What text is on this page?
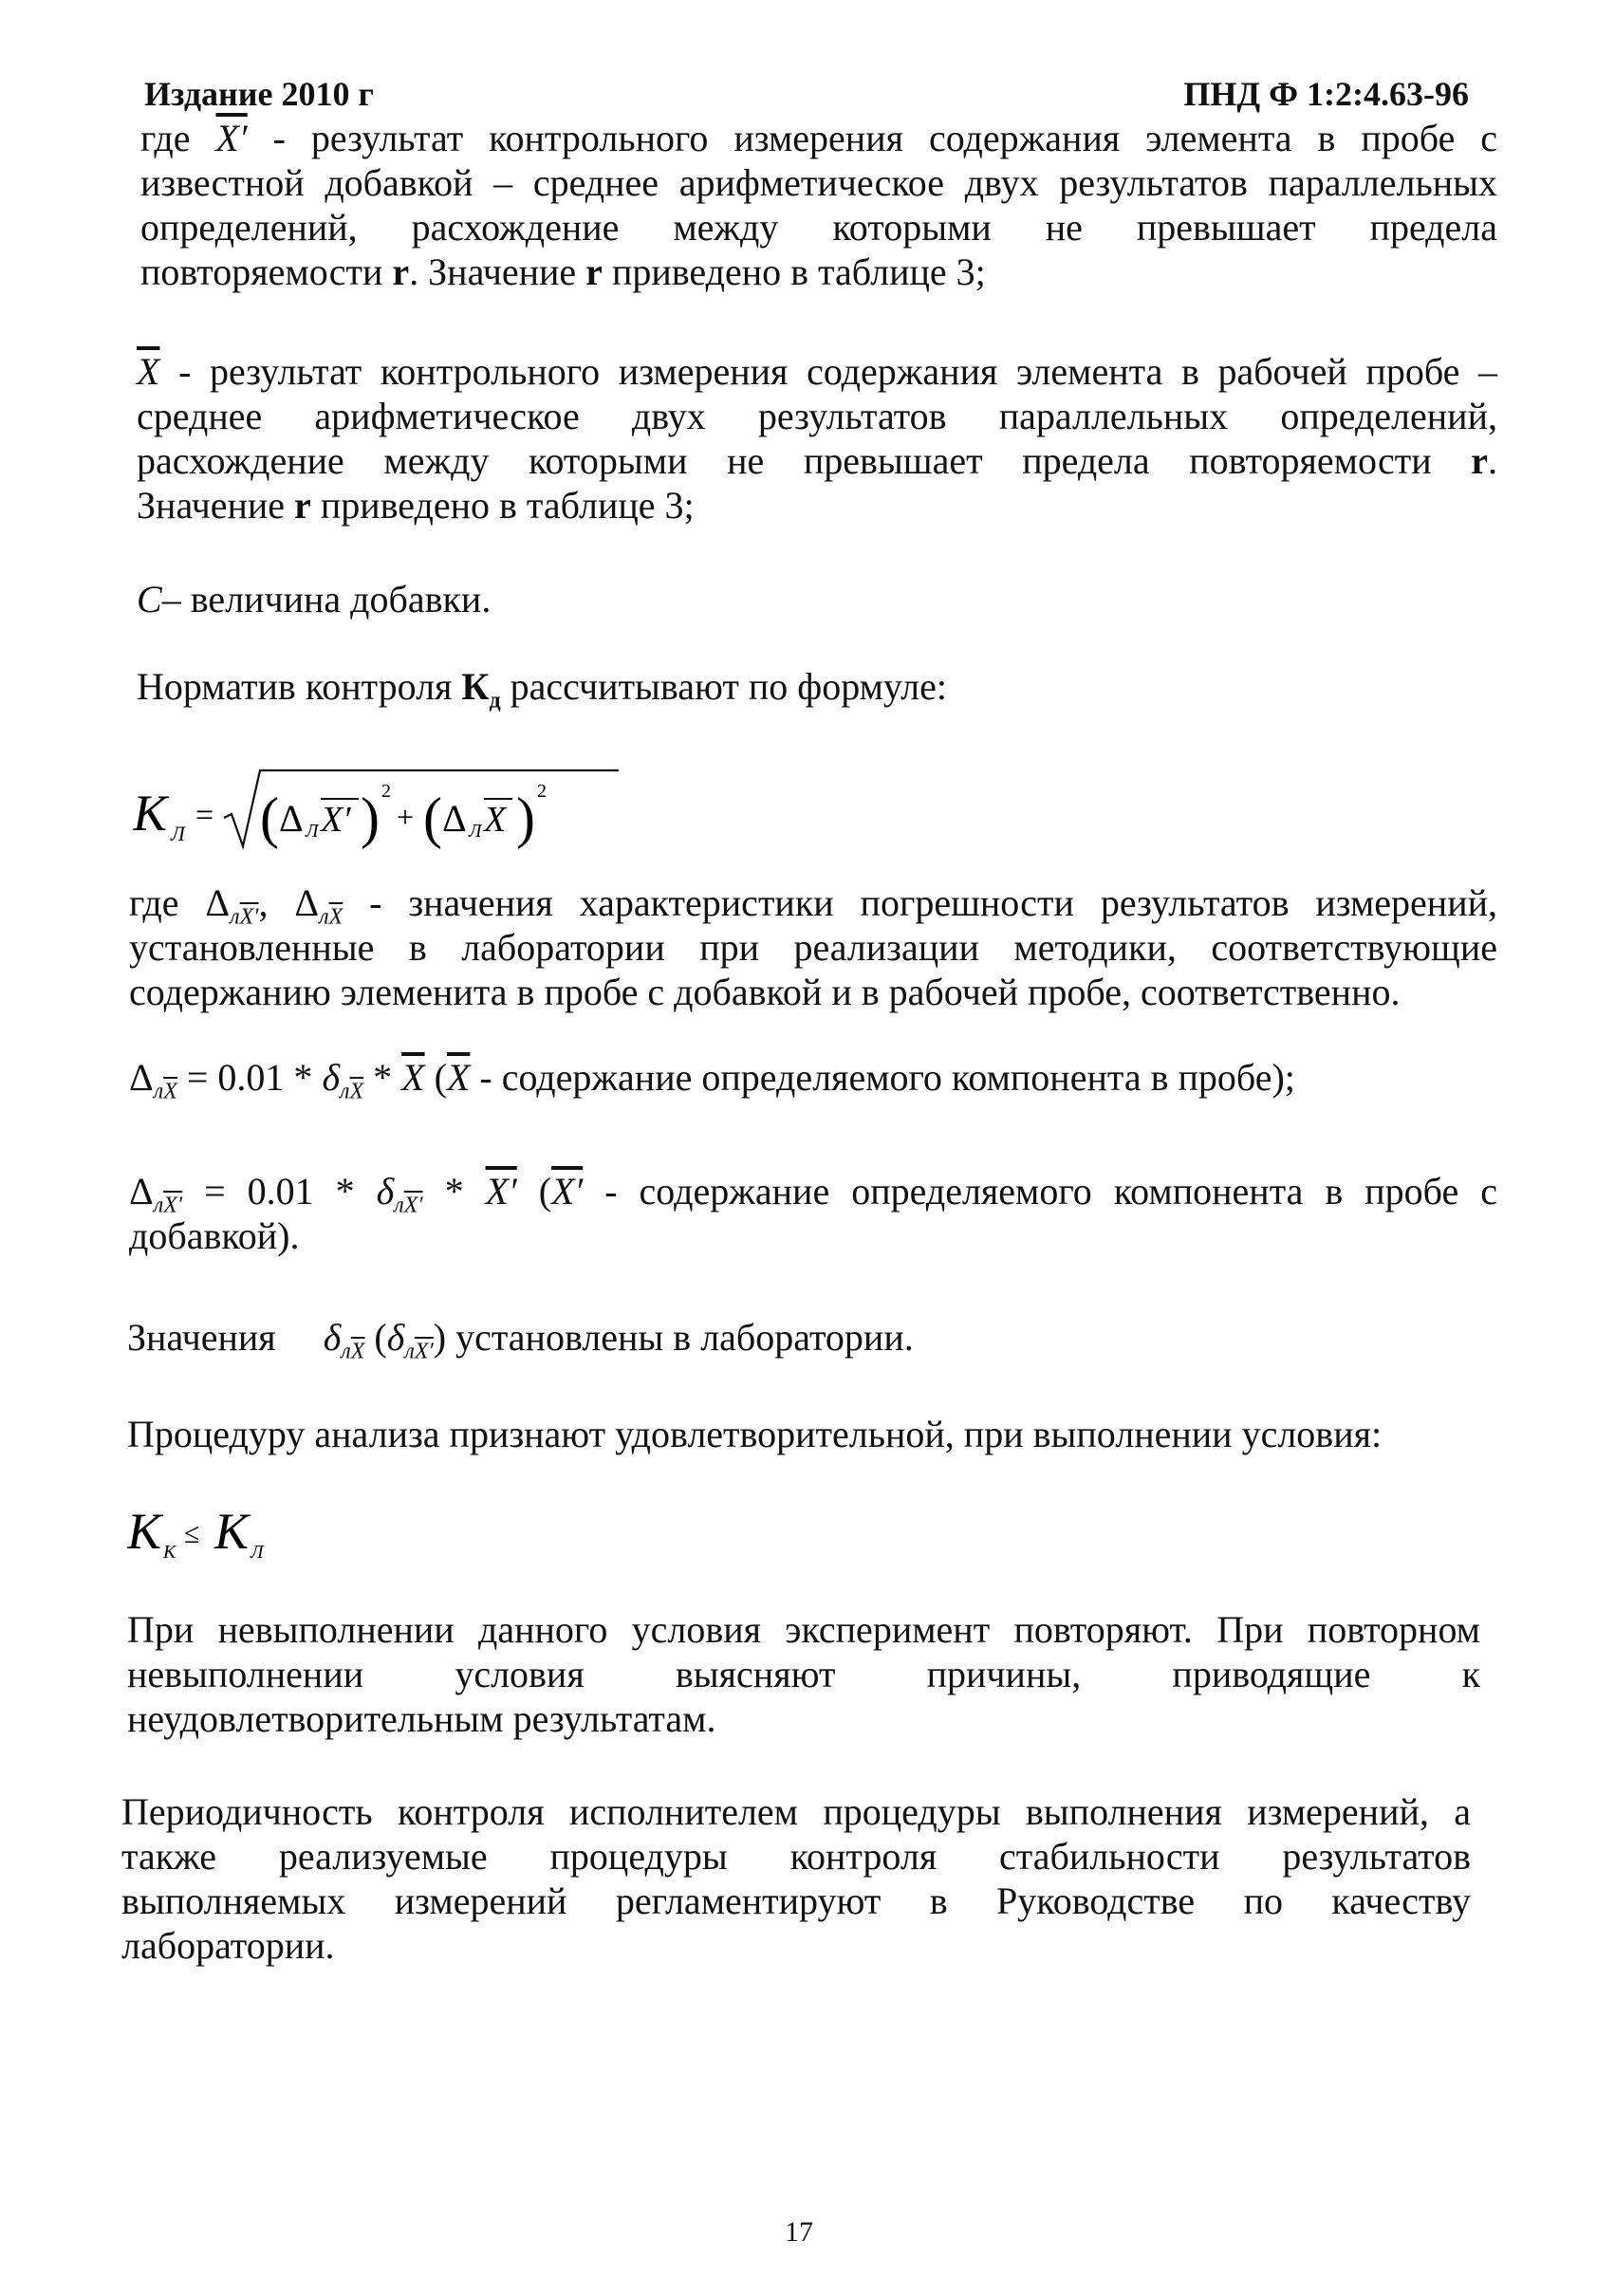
Издание 2010 г	ПНД Ф 1:2:4.63-96
где X′ - результат контрольного измерения содержания элемента в пробе с
известной добавкой – среднее арифметическое двух результатов параллельных
определений, расхождение между которыми не превышает предела
повторяемости r. Значение r приведено в таблице 3;
$\overline{X}$ - результат контрольного измерения содержания элемента в рабочей пробе –
среднее арифметическое двух результатов параллельных определений,
расхождение между которыми не превышает предела повторяемости r.
Значение r приведено в таблице 3;
C– величина добавки.
Норматив контроля $К_д$ рассчитывают по формуле:
К Л
= ( Δ Л X′ ) 2
+ ( Δ Л X ) 2
где $\Delta_{лX'}$, $\Delta_{л\overline{X}}$ - значения характеристики погрешности результатов измерений,
установленные в лаборатории при реализации методики, соответствующие
содержанию элеменита в пробе с добавкой и в рабочей пробе, соответственно.
$\Delta_{л\overline{X}} = 0.01 * \delta_{л\overline{X}} * \overline{X}$ ($\overline{X}$ - содержание определяемого компонента в пробе);
$\Delta_{лX'} = 0.01 * \delta_{лX'} * X'$ (X′ - содержание определяемого компонента в пробе с
добавкой).
Значения $\delta_{л\overline{X}}$ $(\delta_{лX'})$ установлены в лаборатории.
Процедуру анализа признают удовлетворительной, при выполнении условия:
К К
≤ К Л
При невыполнении данного условия эксперимент повторяют. При повторном
невыполнении условия выясняют причины, приводящие к
неудовлетворительным результатам.
Периодичность контроля исполнителем процедуры выполнения измерений, а
также реализуемые процедуры контроля стабильности результатов
выполняемых измерений регламентируют в Руководстве по качеству
лаборатории.
17
